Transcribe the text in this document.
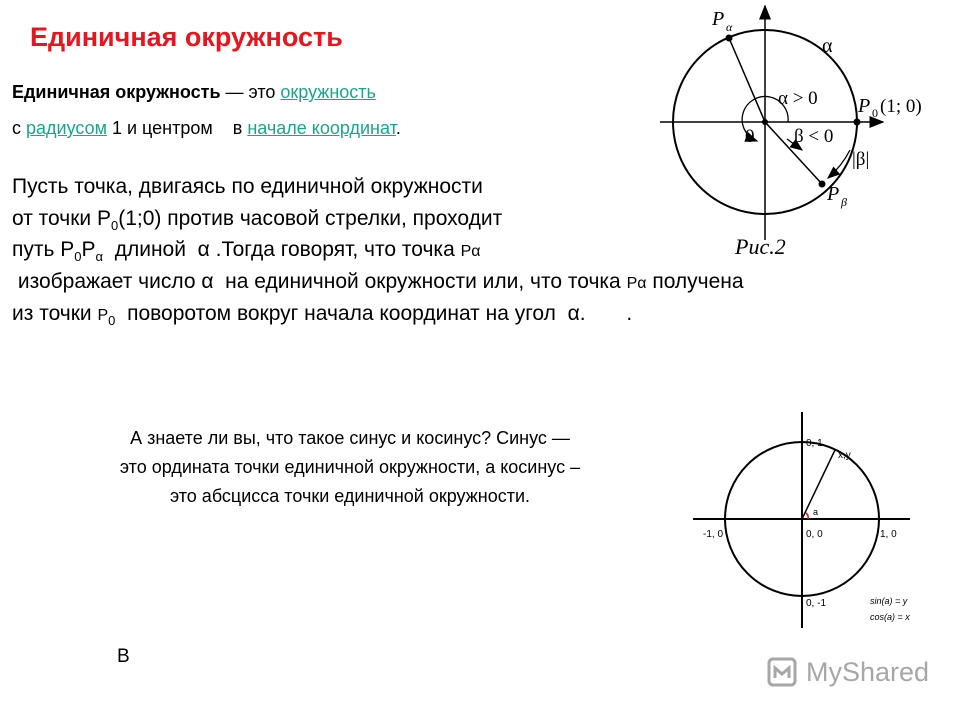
Единичная окружность
Единичная окружность — это окружность
с радиусом 1 и центром    в начале координат.
Пусть точка, двигаясь по единичной окружности
от точки $P_0(1;0)$ против часовой стрелки, проходит
путь $P_0P_\alpha$  длиной  α .Тогда говорят, что точка Pα
изображает число α  на единичной окружности или, что точка Pα получена
из точки $P_0$  поворотом вокруг начала координат на угол  α.       .
А знаете ли вы, что такое синус и косинус? Синус —
это ордината точки единичной окружности, а косинус –
это абсцисса точки единичной окружности.
В
P α
α
α > 0
0
P 0 (1; 0)
β < 0
|β|
P β
Рис.2
0, 1
x,y
a
-1, 0	0, 0	1, 0
0, -1	sin(a) = y
cos(a) = x
MyShared
